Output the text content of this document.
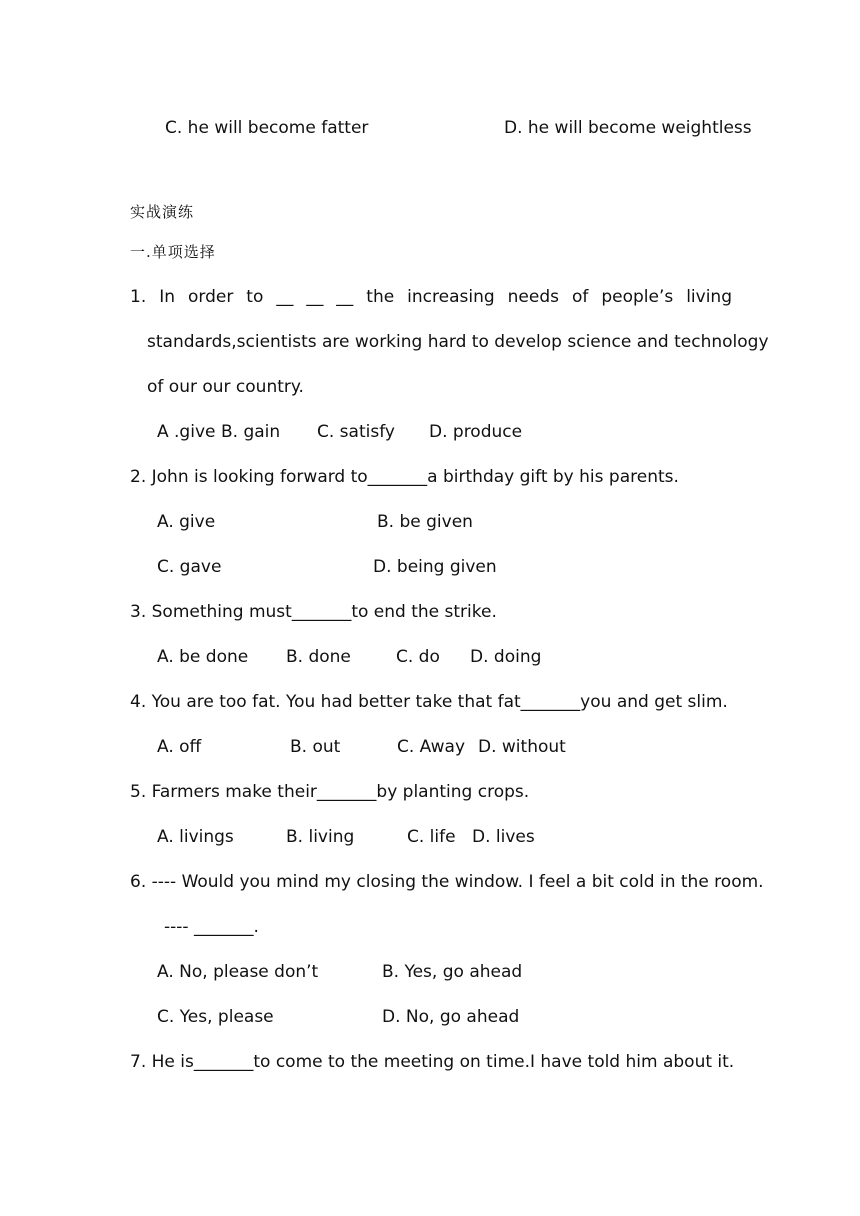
C. he will become fatter	D. he will become weightless
实战演练
一.单项选择
1. In order to __ __ __ the increasing needs of people’s living
standards,scientists are working hard to develop science and technology
of our our country.
A .give B. gain C. satisfy D. produce
2. John is looking forward to_______a birthday gift by his parents.
A. give	B. be given
C. gave	D. being given
3. Something must_______to end the strike.
A. be done B. done	C. do D. doing
4. You are too fat. You had better take that fat_______you and get slim.
A. off	B. out	C. Away D. without
5. Farmers make their_______by planting crops.
A. livings	B. living	C. life D. lives
6. ---- Would you mind my closing the window. I feel a bit cold in the room.
---- _______.
A. No, please don’t	B. Yes, go ahead
C. Yes, please	D. No, go ahead
7. He is_______to come to the meeting on time.I have told him about it.
